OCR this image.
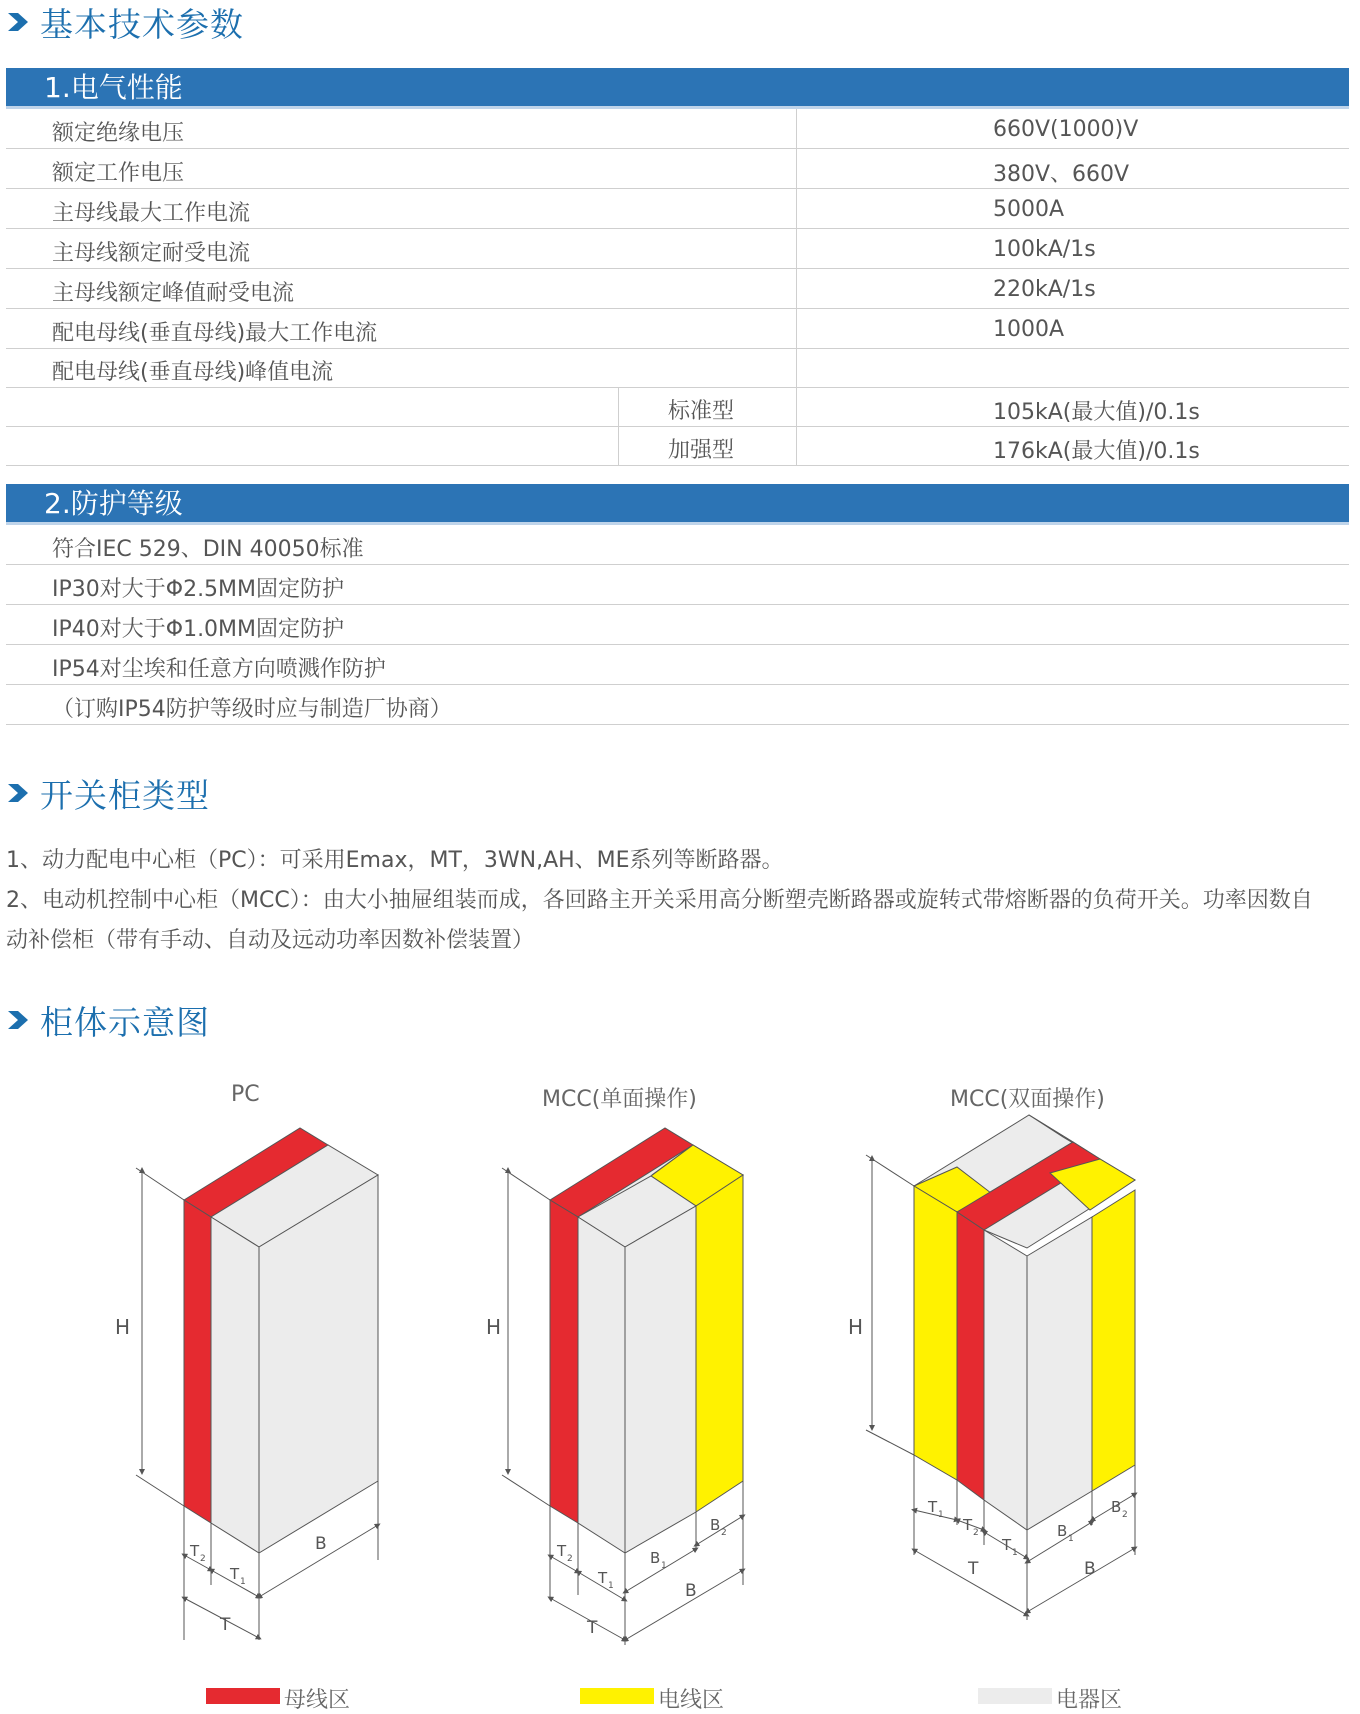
基本技术参数
1.电气性能
额定绝缘电压	660V(1000)V
额定工作电压	380V、660V
主母线最大工作电流	5000A
主母线额定耐受电流	100kA/1s
主母线额定峰值耐受电流	220kA/1s
配电母线(垂直母线)最大工作电流	1000A
配电母线(垂直母线)峰值电流
标准型	105kA(最大值)/0.1s
加强型	176kA(最大值)/0.1s
2.防护等级
符合IEC 529、DIN 40050标准
IP30对大于Φ2.5MM固定防护
IP40对大于Φ1.0MM固定防护
IP54对尘埃和任意方向喷溅作防护
（订购IP54防护等级时应与制造厂协商）
开关柜类型
1、动力配电中心柜（PC）：可采用Emax，MT，3WN,AH、ME系列等断路器。
2、电动机控制中心柜（MCC）：由大小抽屉组装而成，各回路主开关采用高分断塑壳断路器或旋转式带熔断器的负荷开关。功率因数自
动补偿柜（带有手动、自动及远动功率因数补偿装置）
柜体示意图
PC	MCC(单面操作)	MCC(双面操作)
H
T 2
T 1
T
B
H
T 2
T 1
T
B 1
B 2
B
H
T 1
T 2
T 1
T
B 1
B 2
B
母线区	电线区	电器区
